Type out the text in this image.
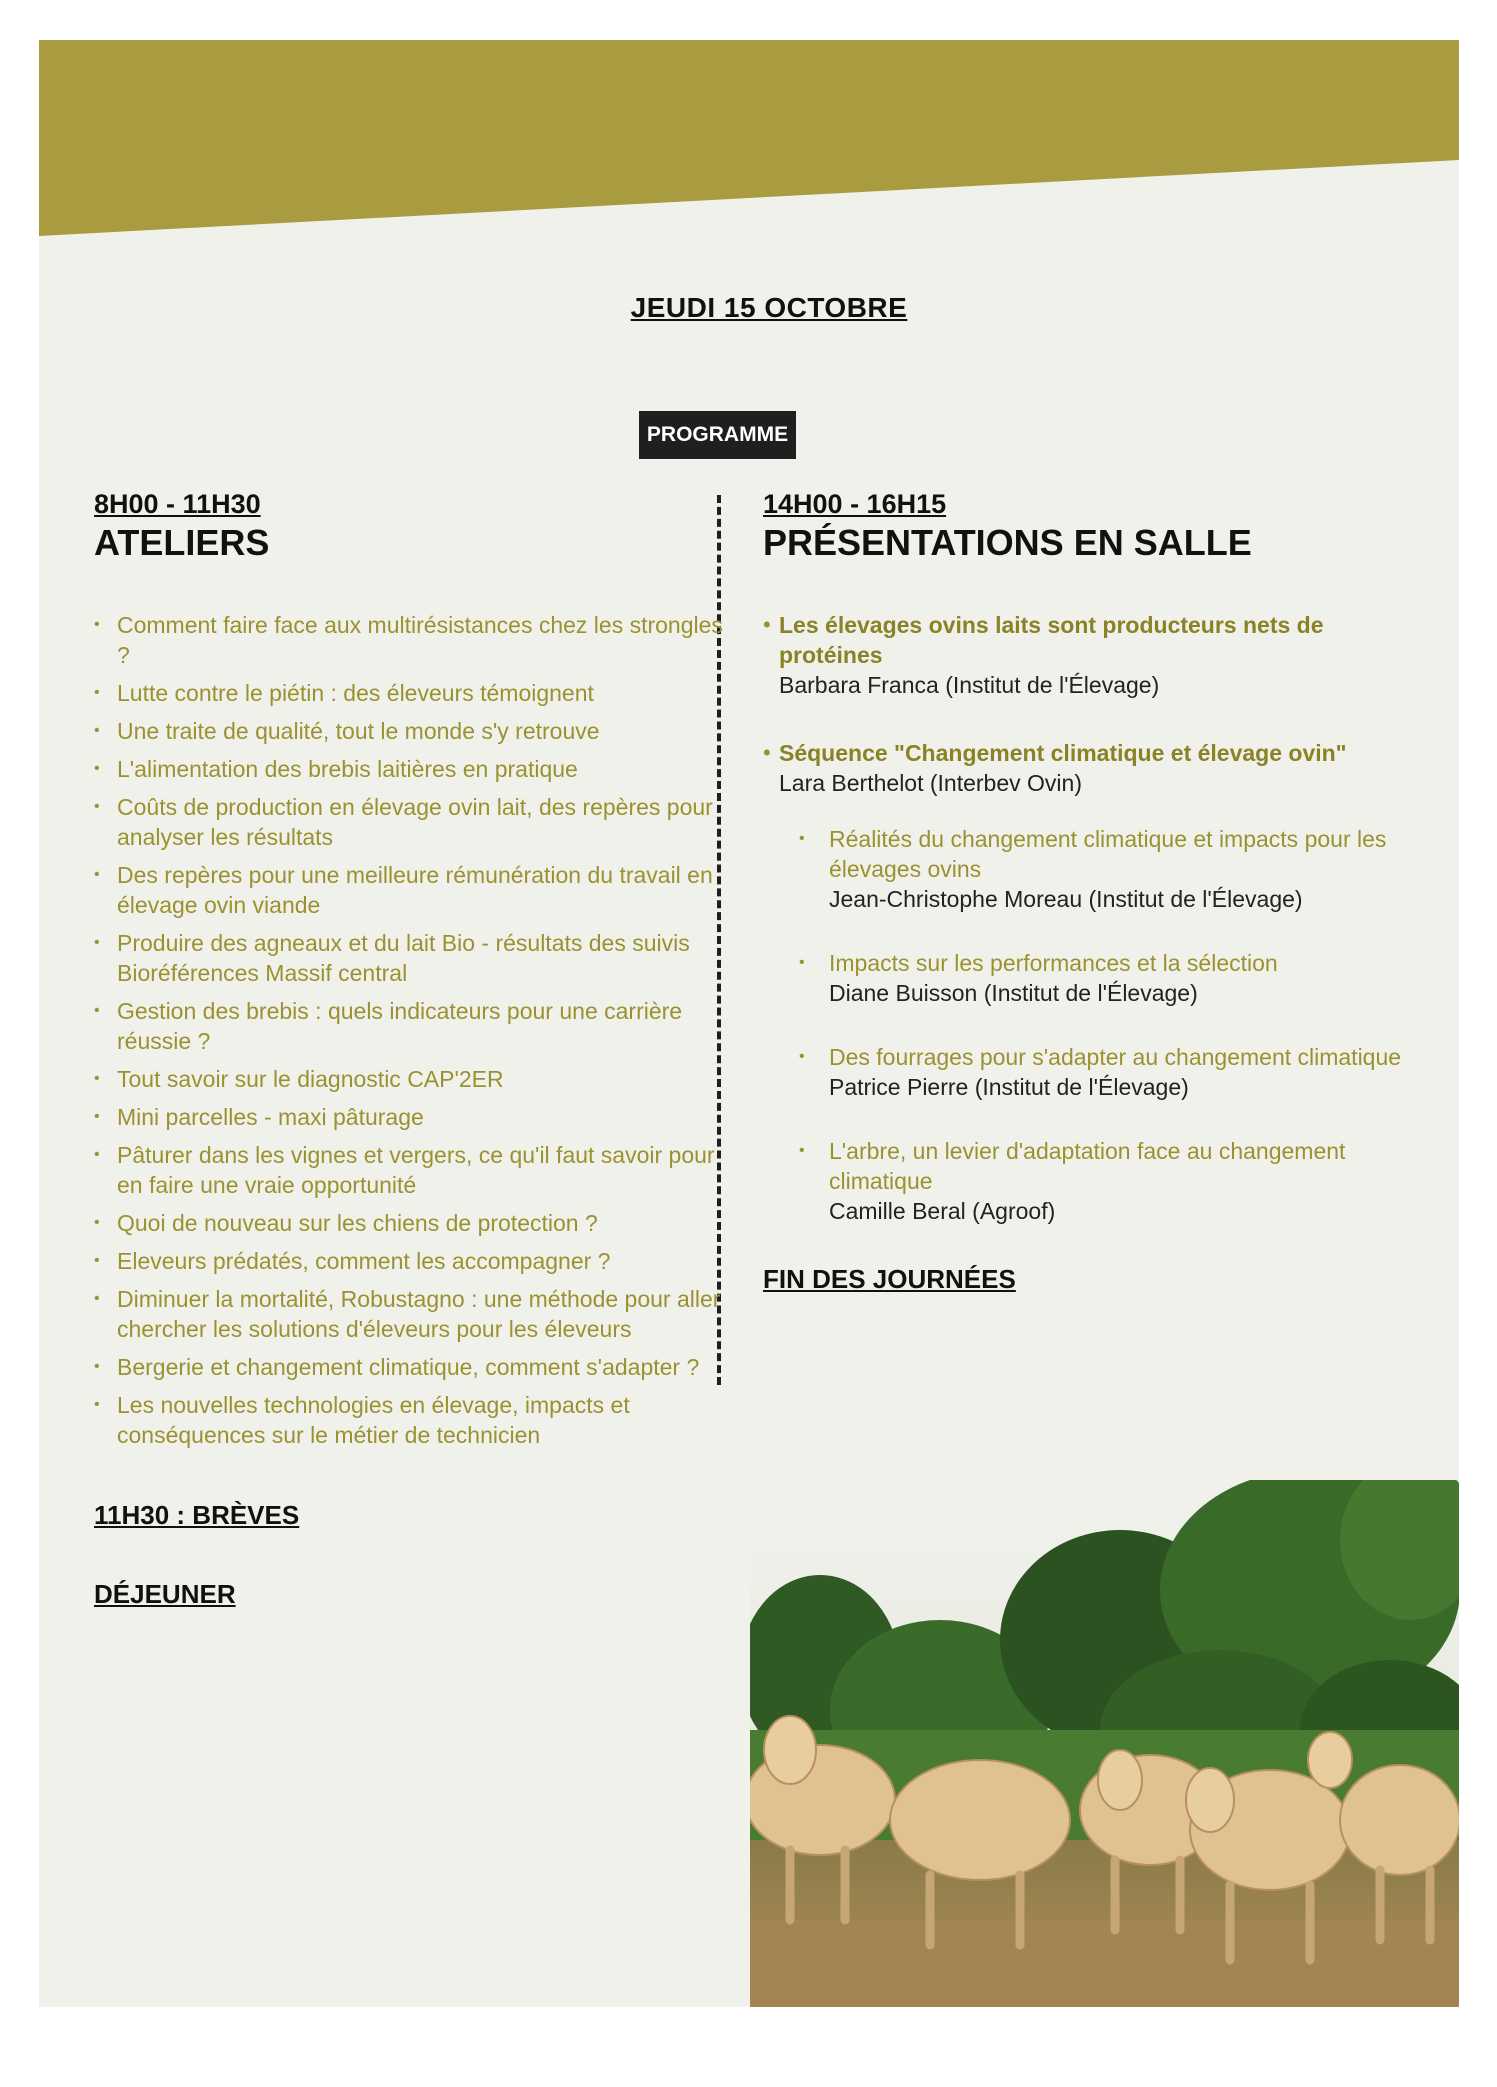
JEUDI 15 OCTOBRE
PROGRAMME

8H00 - 11H30

ATELIERS
• Comment faire face aux multirésistances chez les strongles ?
• Lutte contre le piétin : des éleveurs témoignent
• Une traite de qualité, tout le monde s'y retrouve
• L'alimentation des brebis laitières en pratique
• Coûts de production en élevage ovin lait, des repères pour analyser les résultats
• Des repères pour une meilleure rémunération du travail en élevage ovin viande
• Produire des agneaux et du lait Bio - résultats des suivis Bioréférences Massif central
• Gestion des brebis : quels indicateurs pour une carrière réussie ?
• Tout savoir sur le diagnostic CAP'2ER
• Mini parcelles - maxi pâturage
• Pâturer dans les vignes et vergers, ce qu'il faut savoir pour en faire une vraie opportunité
• Quoi de nouveau sur les chiens de protection ?
• Eleveurs prédatés, comment les accompagner ?
• Diminuer la mortalité, Robustagno : une méthode pour aller chercher les solutions d'éleveurs pour les éleveurs
• Bergerie et changement climatique, comment s'adapter ?
• Les nouvelles technologies en élevage, impacts et conséquences sur le métier de technicien

11H30 : BRÈVES

DÉJEUNER

14H00 - 16H15

PRÉSENTATIONS EN SALLE
• Les élevages ovins laits sont producteurs nets de protéines

Barbara Franca (Institut de l'Élevage)

• Séquence "Changement climatique et élevage ovin"

Lara Berthelot (Interbev Ovin)

• Réalités du changement climatique et impacts pour les élevages ovins

Jean-Christophe Moreau (Institut de l'Élevage)

• Impacts sur les performances et la sélection

Diane Buisson (Institut de l'Élevage)

• Des fourrages pour s'adapter au changement climatique

Patrice Pierre (Institut de l'Élevage)

• L'arbre, un levier d'adaptation face au changement climatique

Camille Beral (Agroof)

FIN DES JOURNÉES
